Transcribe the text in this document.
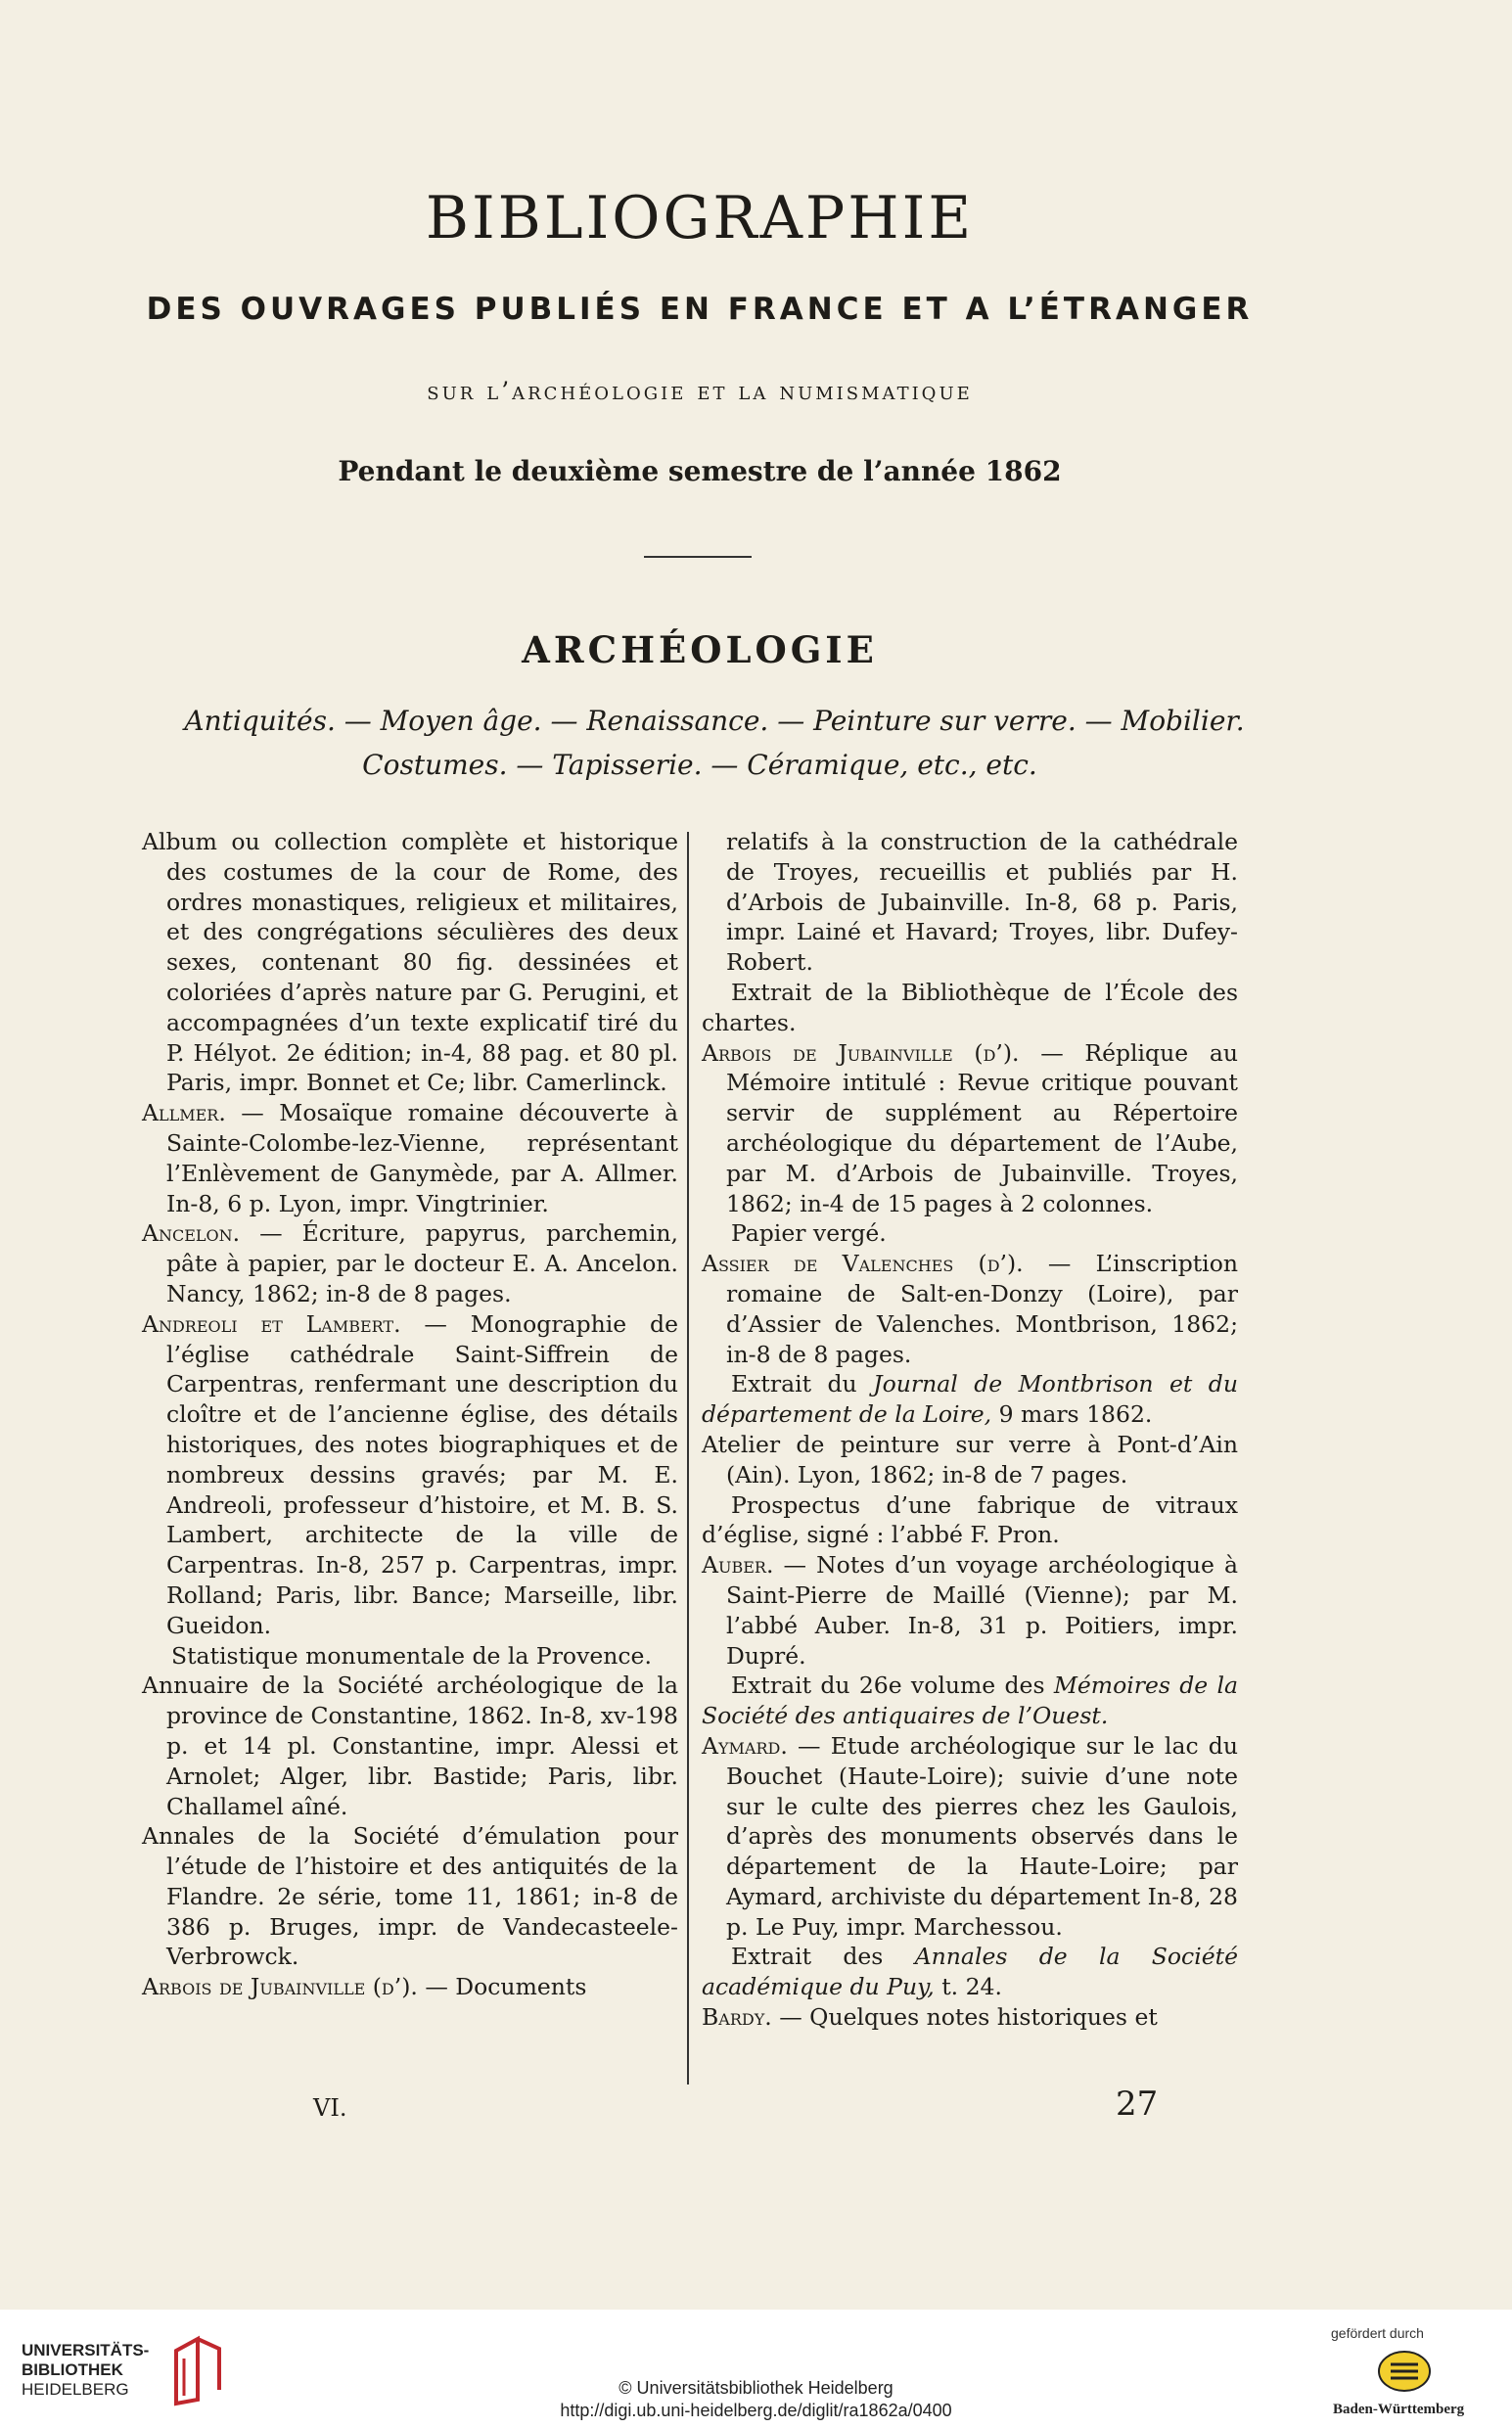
BIBLIOGRAPHIE
DES OUVRAGES PUBLIÉS EN FRANCE ET A L’ÉTRANGER
sur l’archéologie et la numismatique
Pendant le deuxième semestre de l’année 1862
ARCHÉOLOGIE
Antiquités. — Moyen âge. — Renaissance. — Peinture sur verre. — Mobilier.
Costumes. — Tapisserie. — Céramique, etc., etc.

Album ou collection complète et historique des costumes de la cour de Rome, des ordres monastiques, religieux et militaires, et des congrégations séculières des deux sexes, contenant 80 fig. dessinées et coloriées d’après nature par G. Perugini, et accompagnées d’un texte explicatif tiré du P. Hélyot. 2e édition; in-4, 88 pag. et 80 pl. Paris, impr. Bonnet et Ce; libr. Camerlinck.

Allmer. — Mosaïque romaine découverte à Sainte-Colombe-lez-Vienne, représentant l’Enlèvement de Ganymède, par A. Allmer. In-8, 6 p. Lyon, impr. Vingtrinier.

Ancelon. — Écriture, papyrus, parchemin, pâte à papier, par le docteur E. A. Ancelon. Nancy, 1862; in-8 de 8 pages.

Andreoli et Lambert. — Monographie de l’église cathédrale Saint-Siffrein de Carpentras, renfermant une description du cloître et de l’ancienne église, des détails historiques, des notes biographiques et de nombreux dessins gravés; par M. E. Andreoli, professeur d’histoire, et M. B. S. Lambert, architecte de la ville de Carpentras. In-8, 257 p. Carpentras, impr. Rolland; Paris, libr. Bance; Marseille, libr. Gueidon.

Statistique monumentale de la Provence.

Annuaire de la Société archéologique de la province de Constantine, 1862. In-8, xv-198 p. et 14 pl. Constantine, impr. Alessi et Arnolet; Alger, libr. Bastide; Paris, libr. Challamel aîné.

Annales de la Société d’émulation pour l’étude de l’histoire et des antiquités de la Flandre. 2e série, tome 11, 1861; in-8 de 386 p. Bruges, impr. de Vandecasteele-Verbrowck.

Arbois de Jubainville (d’). — Documents

relatifs à la construction de la cathédrale de Troyes, recueillis et publiés par H. d’Arbois de Jubainville. In-8, 68 p. Paris, impr. Lainé et Havard; Troyes, libr. Dufey-Robert.

Extrait de la Bibliothèque de l’École des chartes.

Arbois de Jubainville (d’). — Réplique au Mémoire intitulé : Revue critique pouvant servir de supplément au Répertoire archéologique du département de l’Aube, par M. d’Arbois de Jubainville. Troyes, 1862; in-4 de 15 pages à 2 colonnes.

Papier vergé.

Assier de Valenches (d’). — L’inscription romaine de Salt-en-Donzy (Loire), par d’Assier de Valenches. Montbrison, 1862; in-8 de 8 pages.

Extrait du Journal de Montbrison et du département de la Loire, 9 mars 1862.

Atelier de peinture sur verre à Pont-d’Ain (Ain). Lyon, 1862; in-8 de 7 pages.

Prospectus d’une fabrique de vitraux d’église, signé : l’abbé F. Pron.

Auber. — Notes d’un voyage archéologique à Saint-Pierre de Maillé (Vienne); par M. l’abbé Auber. In-8, 31 p. Poitiers, impr. Dupré.

Extrait du 26e volume des Mémoires de la Société des antiquaires de l’Ouest.

Aymard. — Etude archéologique sur le lac du Bouchet (Haute-Loire); suivie d’une note sur le culte des pierres chez les Gaulois, d’après des monuments observés dans le département de la Haute-Loire; par Aymard, archiviste du département In-8, 28 p. Le Puy, impr. Marchessou.

Extrait des Annales de la Société académique du Puy, t. 24.

Bardy. — Quelques notes historiques et

VI.	27
UNIVERSITÄTS-
BIBLIOTHEK
HEIDELBERG	© Universitätsbibliothek Heidelberg
http://digi.ub.uni-heidelberg.de/diglit/ra1862a/0400
gefördert durch
Baden-Württemberg
